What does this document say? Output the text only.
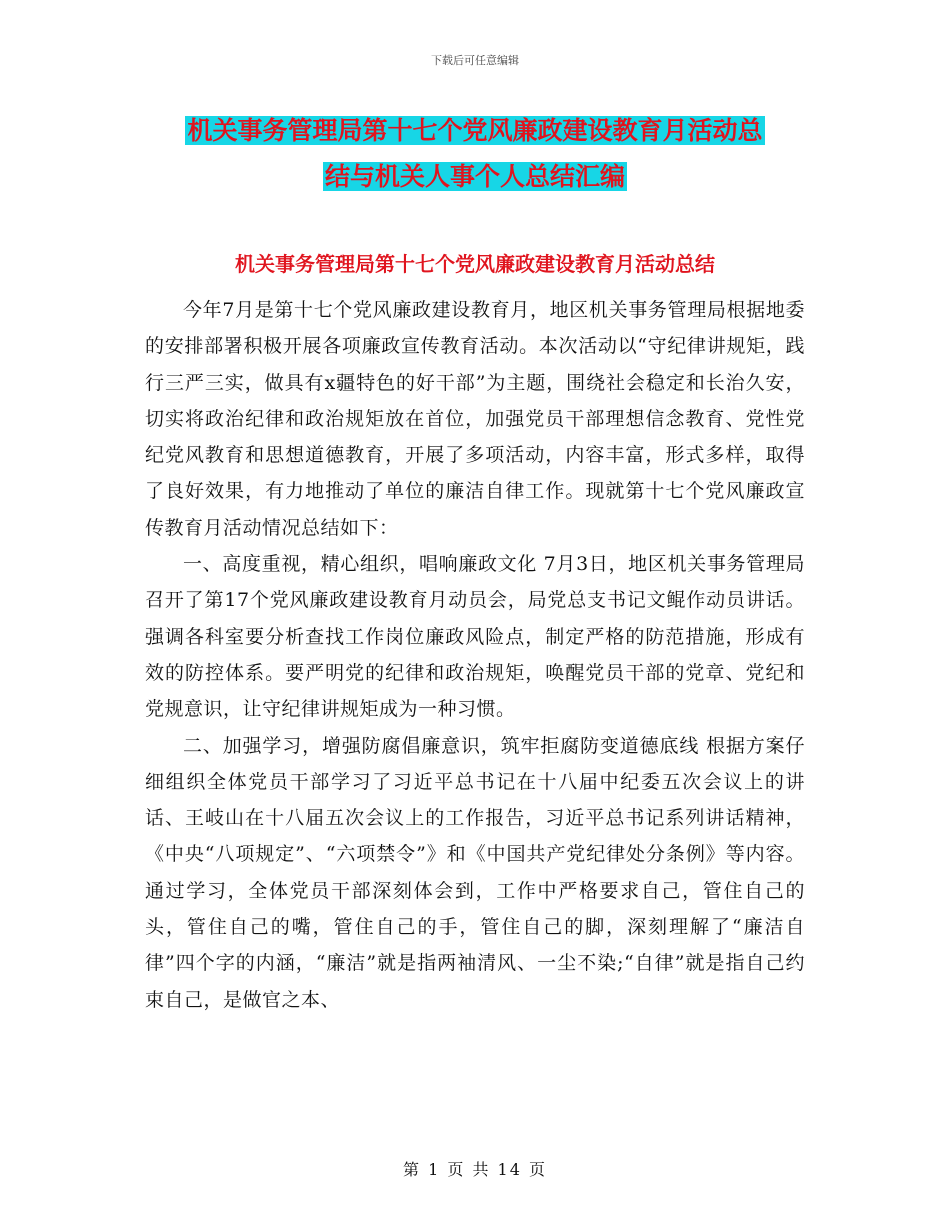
下载后可任意编辑
机关事务管理局第十七个党风廉政建设教育月活动总
结与机关人事个人总结汇编
机关事务管理局第十七个党风廉政建设教育月活动总结

今年7月是第十七个党风廉政建设教育月，地区机关事务管理局根据地委的安排部署积极开展各项廉政宣传教育活动。本次活动以“守纪律讲规矩，践行三严三实，做具有x疆特色的好干部”为主题，围绕社会稳定和长治久安，切实将政治纪律和政治规矩放在首位，加强党员干部理想信念教育、党性党纪党风教育和思想道德教育，开展了多项活动，内容丰富，形式多样，取得了良好效果，有力地推动了单位的廉洁自律工作。现就第十七个党风廉政宣传教育月活动情况总结如下：

一、高度重视，精心组织，唱响廉政文化 7月3日，地区机关事务管理局召开了第17个党风廉政建设教育月动员会，局党总支书记文鲲作动员讲话。强调各科室要分析查找工作岗位廉政风险点，制定严格的防范措施，形成有效的防控体系。要严明党的纪律和政治规矩，唤醒党员干部的党章、党纪和党规意识，让守纪律讲规矩成为一种习惯。

二、加强学习，增强防腐倡廉意识，筑牢拒腐防变道德底线 根据方案仔细组织全体党员干部学习了习近平总书记在十八届中纪委五次会议上的讲话、王岐山在十八届五次会议上的工作报告，习近平总书记系列讲话精神，《中央“八项规定”、“六项禁令”》和《中国共产党纪律处分条例》等内容。通过学习，全体党员干部深刻体会到，工作中严格要求自己，管住自己的头，管住自己的嘴，管住自己的手，管住自己的脚，深刻理解了“廉洁自律”四个字的内涵，“廉洁”就是指两袖清风、一尘不染;“自律”就是指自己约束自己，是做官之本、

第 1 页 共 14 页
